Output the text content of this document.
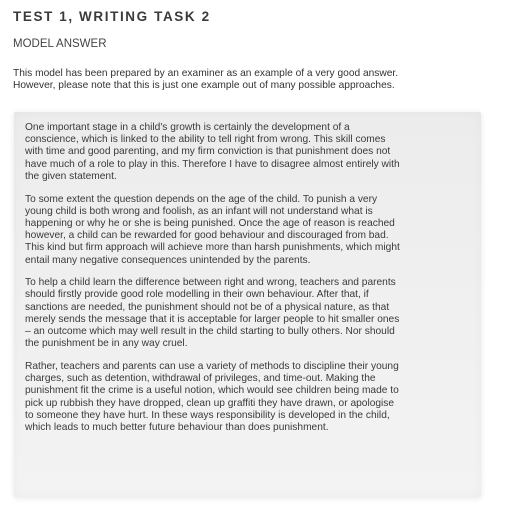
TEST 1, WRITING TASK 2
MODEL ANSWER
This model has been prepared by an examiner as an example of a very good answer.
However, please note that this is just one example out of many possible approaches.
One important stage in a child's growth is certainly the development of a
conscience, which is linked to the ability to tell right from wrong. This skill comes
with time and good parenting, and my firm conviction is that punishment does not
have much of a role to play in this. Therefore I have to disagree almost entirely with
the given statement.
To some extent the question depends on the age of the child. To punish a very
young child is both wrong and foolish, as an infant will not understand what is
happening or why he or she is being punished. Once the age of reason is reached
however, a child can be rewarded for good behaviour and discouraged from bad.
This kind but firm approach will achieve more than harsh punishments, which might
entail many negative consequences unintended by the parents.
To help a child learn the difference between right and wrong, teachers and parents
should firstly provide good role modelling in their own behaviour. After that, if
sanctions are needed, the punishment should not be of a physical nature, as that
merely sends the message that it is acceptable for larger people to hit smaller ones
– an outcome which may well result in the child starting to bully others. Nor should
the punishment be in any way cruel.
Rather, teachers and parents can use a variety of methods to discipline their young
charges, such as detention, withdrawal of privileges, and time-out. Making the
punishment fit the crime is a useful notion, which would see children being made to
pick up rubbish they have dropped, clean up graffiti they have drawn, or apologise
to someone they have hurt. In these ways responsibility is developed in the child,
which leads to much better future behaviour than does punishment.
